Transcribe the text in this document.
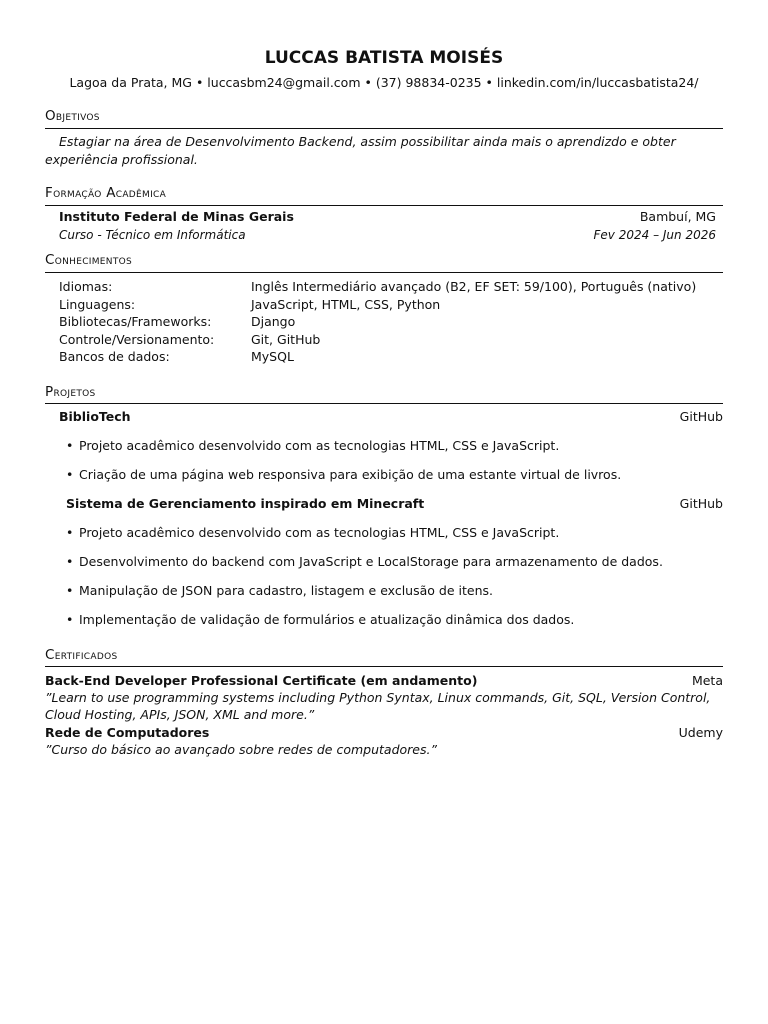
LUCCAS BATISTA MOISÉS
Lagoa da Prata, MG • luccasbm24@gmail.com • (37) 98834-0235 • linkedin.com/in/luccasbatista24/
Objetivos
Estagiar na área de Desenvolvimento Backend, assim possibilitar ainda mais o aprendizdo e obter
experiência profissional.
Formação Acadêmica
Instituto Federal de Minas Gerais	Bambuí, MG
Curso - Técnico em Informática	Fev 2024 – Jun 2026
Conhecimentos
Idiomas:	Inglês Intermediário avançado (B2, EF SET: 59/100), Português (nativo)
Linguagens:	JavaScript, HTML, CSS, Python
Bibliotecas/Frameworks:	Django
Controle/Versionamento:	Git, GitHub
Bancos de dados:	MySQL
Projetos
BiblioTech	GitHub
• Projeto acadêmico desenvolvido com as tecnologias HTML, CSS e JavaScript.
• Criação de uma página web responsiva para exibição de uma estante virtual de livros.
Sistema de Gerenciamento inspirado em Minecraft	GitHub
• Projeto acadêmico desenvolvido com as tecnologias HTML, CSS e JavaScript.
• Desenvolvimento do backend com JavaScript e LocalStorage para armazenamento de dados.
• Manipulação de JSON para cadastro, listagem e exclusão de itens.
• Implementação de validação de formulários e atualização dinâmica dos dados.
Certificados
Back-End Developer Professional Certificate (em andamento)	Meta
”Learn to use programming systems including Python Syntax, Linux commands, Git, SQL, Version Control,
Cloud Hosting, APIs, JSON, XML and more.”
Rede de Computadores	Udemy
”Curso do básico ao avançado sobre redes de computadores.”
